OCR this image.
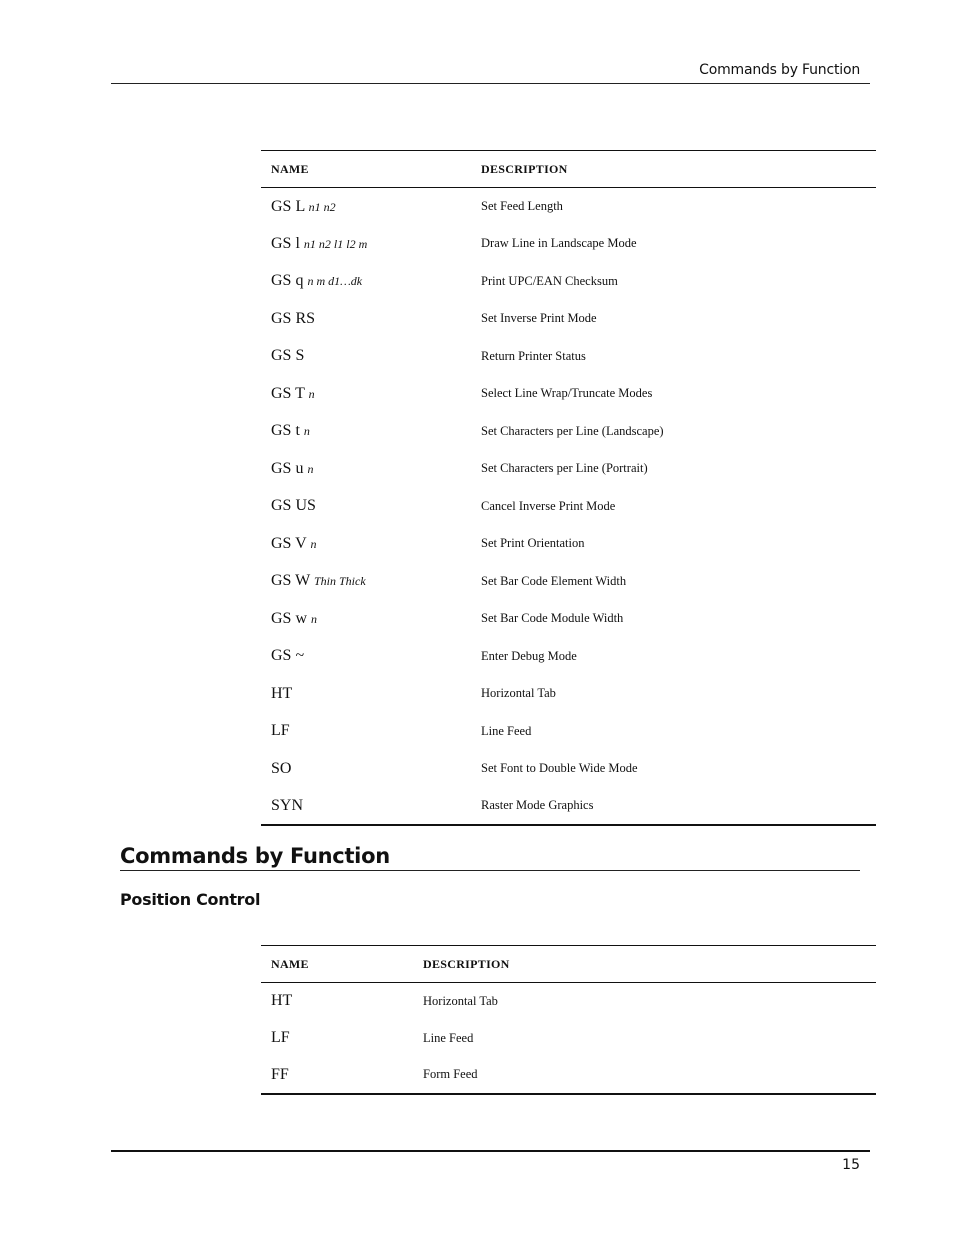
Commands by Function
NAME	DESCRIPTION
GS L n1 n2	Set Feed Length
GS l n1 n2 l1 l2 m	Draw Line in Landscape Mode
GS q n m d1…dk	Print UPC/EAN Checksum
GS RS	Set Inverse Print Mode
GS S	Return Printer Status
GS T n	Select Line Wrap/Truncate Modes
GS t n	Set Characters per Line (Landscape)
GS u n	Set Characters per Line (Portrait)
GS US	Cancel Inverse Print Mode
GS V n	Set Print Orientation
GS W Thin Thick	Set Bar Code Element Width
GS w n	Set Bar Code Module Width
GS ~	Enter Debug Mode
HT	Horizontal Tab
LF	Line Feed
SO	Set Font to Double Wide Mode
SYN	Raster Mode Graphics
Commands by Function
Position Control
NAME	DESCRIPTION
HT	Horizontal Tab
LF	Line Feed
FF	Form Feed
15
